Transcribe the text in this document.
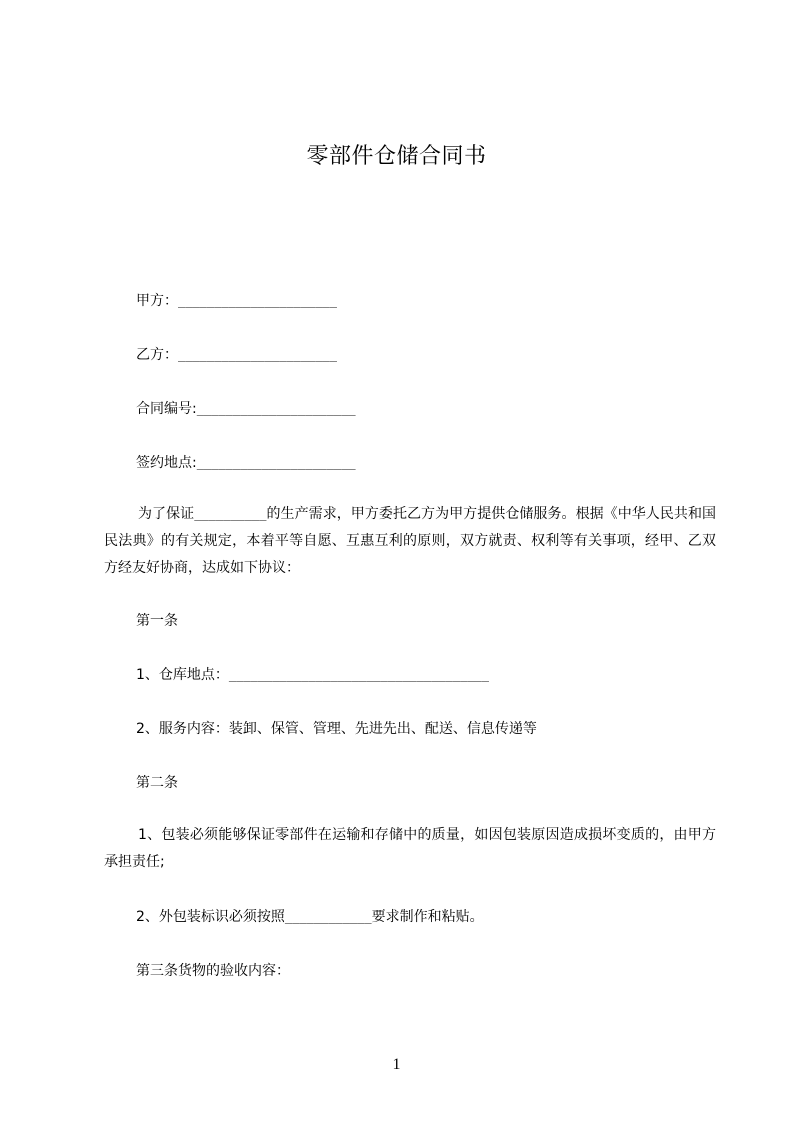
零部件仓储合同书
甲方：______________________
乙方：______________________
合同编号:______________________
签约地点:______________________
为了保证__________的生产需求，甲方委托乙方为甲方提供仓储服务。根据《中华人民共和国民法典》的有关规定，本着平等自愿、互惠互利的原则，双方就责、权利等有关事项，经甲、乙双方经友好协商，达成如下协议：
第一条
1、仓库地点：____________________________________
2、服务内容：装卸、保管、管理、先进先出、配送、信息传递等
第二条
1、包装必须能够保证零部件在运输和存储中的质量，如因包装原因造成损坏变质的，由甲方承担责任;
2、外包装标识必须按照____________要求制作和粘贴。
第三条货物的验收内容：
1
